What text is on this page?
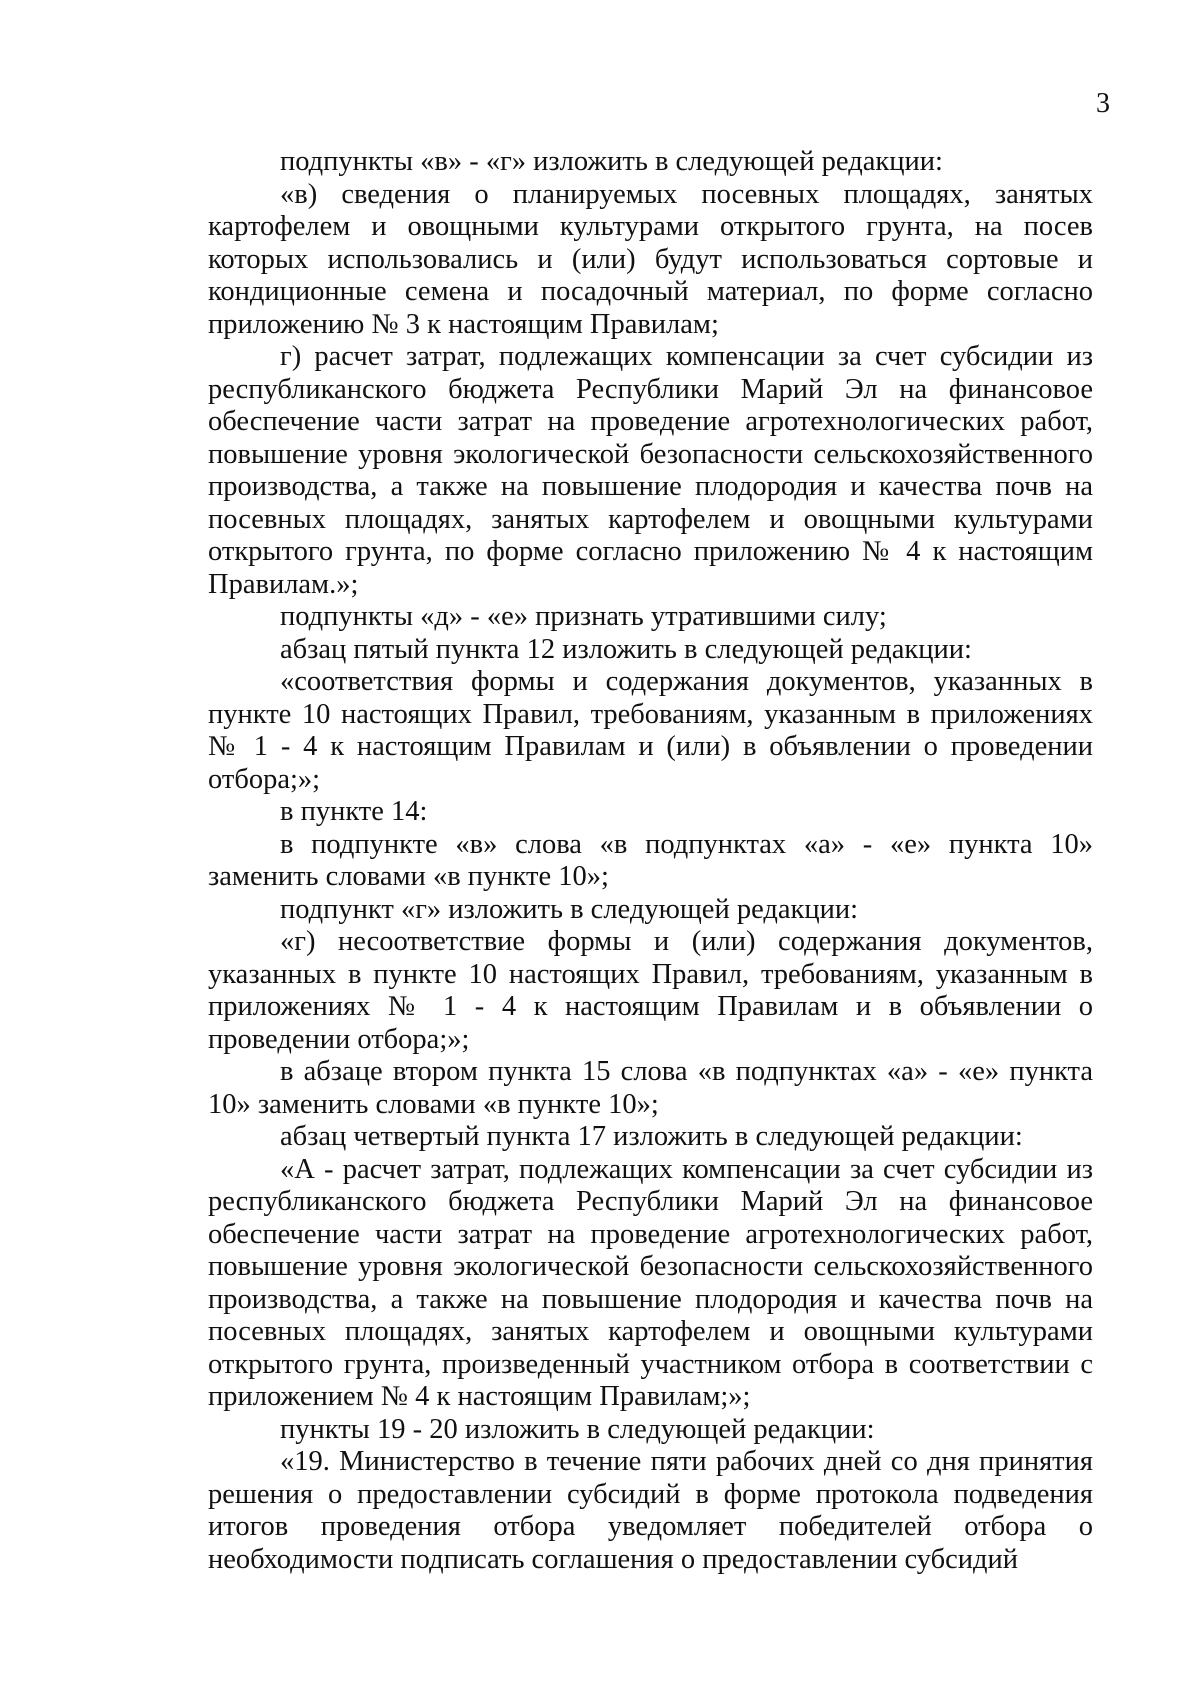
3

подпункты «в» - «г» изложить в следующей редакции:

«в) сведения о планируемых посевных площадях, занятых картофелем и овощными культурами открытого грунта, на посев которых использовались и (или) будут использоваться сортовые и кондиционные семена и посадочный материал, по форме согласно приложению № 3 к настоящим Правилам;

г) расчет затрат, подлежащих компенсации за счет субсидии из республиканского бюджета Республики Марий Эл на финансовое обеспечение части затрат на проведение агротехнологических работ, повышение уровня экологической безопасности сельскохозяйственного производства, а также на повышение плодородия и качества почв на посевных площадях, занятых картофелем и овощными культурами открытого грунта, по форме согласно приложению № 4 к настоящим Правилам.»;

подпункты «д» - «е» признать утратившими силу;

абзац пятый пункта 12 изложить в следующей редакции:

«соответствия формы и содержания документов, указанных в пункте 10 настоящих Правил, требованиям, указанным в приложениях № 1 - 4 к настоящим Правилам и (или) в объявлении о проведении отбора;»;

в пункте 14:

в подпункте «в» слова «в подпунктах «а» - «е» пункта 10» заменить словами «в пункте 10»;

подпункт «г» изложить в следующей редакции:

«г) несоответствие формы и (или) содержания документов, указанных в пункте 10 настоящих Правил, требованиям, указанным в приложениях № 1 - 4 к настоящим Правилам и в объявлении о проведении отбора;»;

в абзаце втором пункта 15 слова «в подпунктах «а» - «е» пункта 10» заменить словами «в пункте 10»;

абзац четвертый пункта 17 изложить в следующей редакции:

«А - расчет затрат, подлежащих компенсации за счет субсидии из республиканского бюджета Республики Марий Эл на финансовое обеспечение части затрат на проведение агротехнологических работ, повышение уровня экологической безопасности сельскохозяйственного производства, а также на повышение плодородия и качества почв на посевных площадях, занятых картофелем и овощными культурами открытого грунта, произведенный участником отбора в соответствии с приложением № 4 к настоящим Правилам;»;

пункты 19 - 20 изложить в следующей редакции:

«19. Министерство в течение пяти рабочих дней со дня принятия решения о предоставлении субсидий в форме протокола подведения итогов проведения отбора уведомляет победителей отбора о необходимости подписать соглашения о предоставлении субсидий
